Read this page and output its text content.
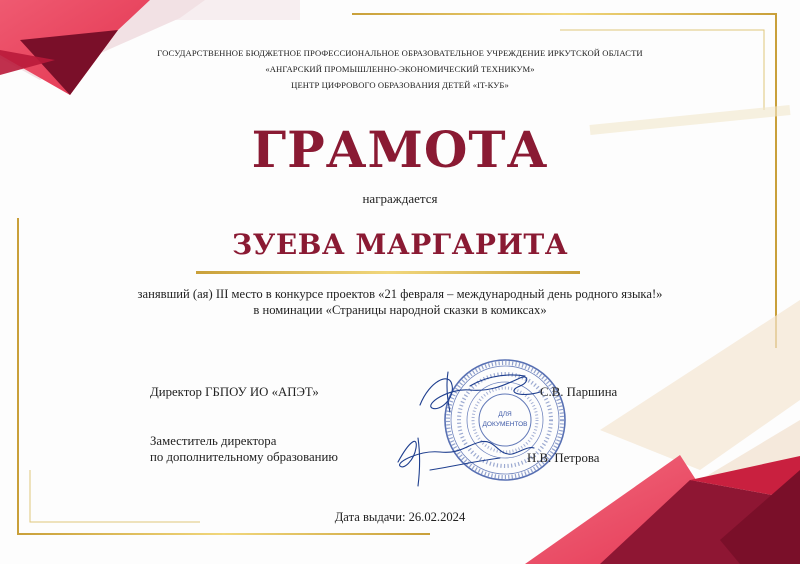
ДЛЯ
ДОКУМЕНТОВ
ГОСУДАРСТВЕННОЕ БЮДЖЕТНОЕ ПРОФЕССИОНАЛЬНОЕ ОБРАЗОВАТЕЛЬНОЕ УЧРЕЖДЕНИЕ ИРКУТСКОЙ ОБЛАСТИ
«АНГАРСКИЙ ПРОМЫШЛЕННО-ЭКОНОМИЧЕСКИЙ ТЕХНИКУМ»
ЦЕНТР ЦИФРОВОГО ОБРАЗОВАНИЯ ДЕТЕЙ «IT-КУБ»
ГРАМОТА
награждается
ЗУЕВА МАРГАРИТА
занявший (ая) III место в конкурсе проектов «21 февраля – международный день родного языка!»
в номинации «Страницы народной сказки в комиксах»
Директор ГБПОУ ИО «АПЭТ»	С.В. Паршина
Заместитель директора
по дополнительному образованию	Н.В. Петрова
Дата выдачи: 26.02.2024
